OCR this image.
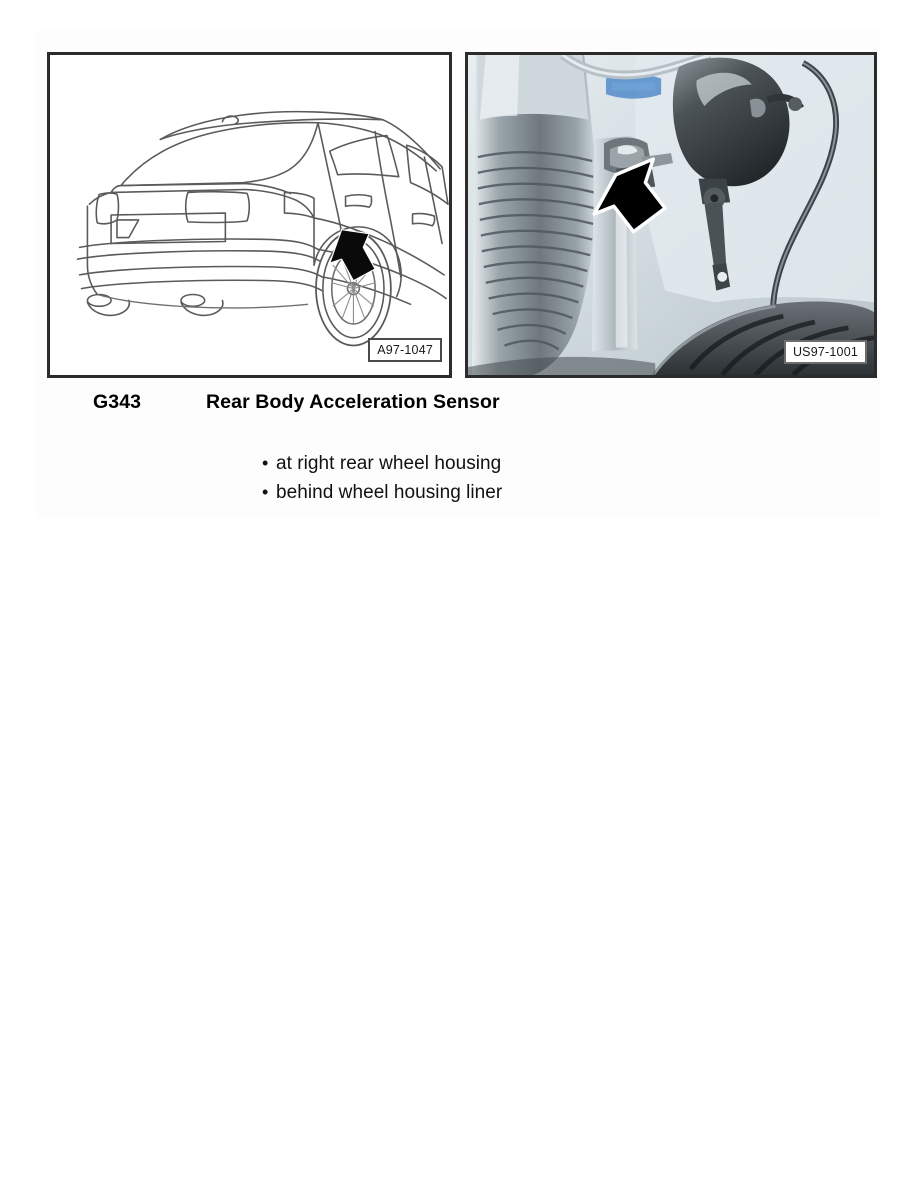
A97-1047	US97-1001
G343	Rear Body Acceleration Sensor
• at right rear wheel housing
• behind wheel housing liner
